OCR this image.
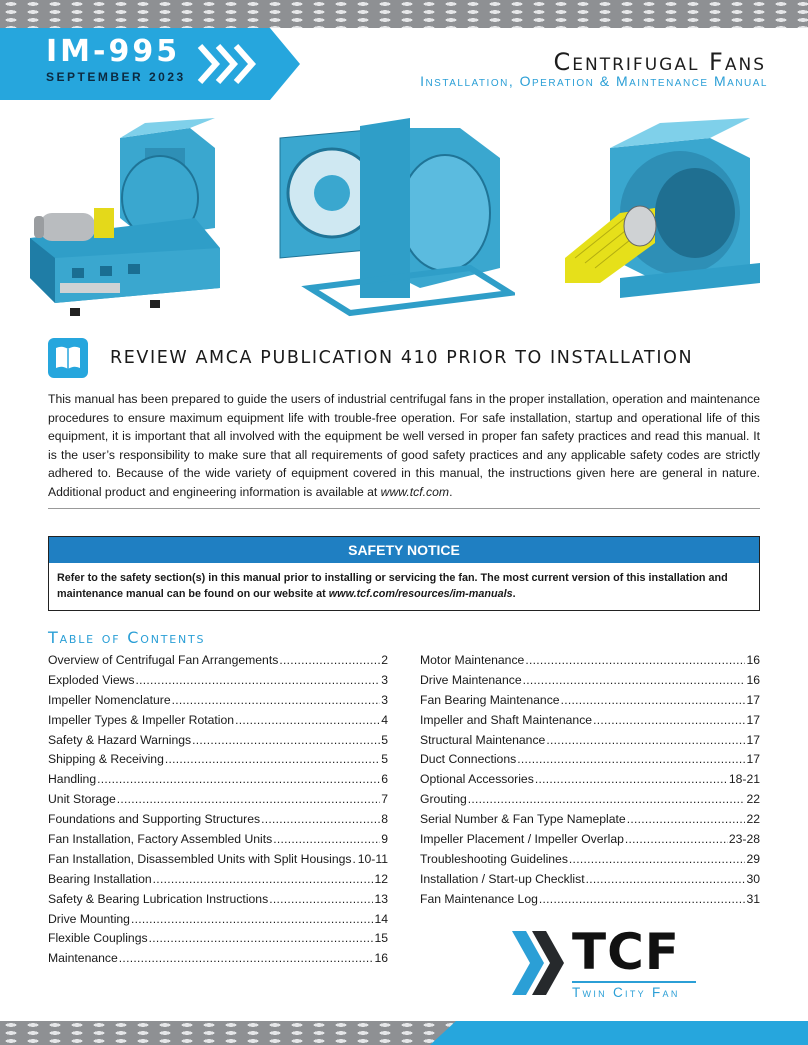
IM-995
SEPTEMBER 2023
Centrifugal Fans
Installation, Operation & Maintenance Manual
REVIEW AMCA PUBLICATION 410 PRIOR TO INSTALLATION

This manual has been prepared to guide the users of industrial centrifugal fans in the proper installation, operation and maintenance procedures to ensure maximum equipment life with trouble-free operation. For safe installation, startup and operational life of this equipment, it is important that all involved with the equipment be well versed in proper fan safety practices and read this manual. It is the user’s responsibility to make sure that all requirements of good safety practices and any applicable safety codes are strictly adhered to. Because of the wide variety of equipment covered in this manual, the instructions given here are general in nature. Additional product and engineering information is available at www.tcf.com.

SAFETY NOTICE
Refer to the safety section(s) in this manual prior to installing or servicing the fan. The most current version of this installation and maintenance manual can be found on our website at www.tcf.com/resources/im-manuals.
Table of Contents
Overview of Centrifugal Fan Arrangements .....	2
Exploded Views .....	3
Impeller Nomenclature .....	3
Impeller Types & Impeller Rotation .....	4
Safety & Hazard Warnings .....	5
Shipping & Receiving .....	5
Handling .....	6
Unit Storage .....	7
Foundations and Supporting Structures .....	8
Fan Installation, Factory Assembled Units .....	9
Fan Installation, Disassembled Units with Split Housings ..... 10-11
Bearing Installation .....	12
Safety & Bearing Lubrication Instructions .....	13
Drive Mounting .....	14
Flexible Couplings .....	15
Maintenance .....	16
Motor Maintenance .....	16
Drive Maintenance .....	16
Fan Bearing Maintenance .....	17
Impeller and Shaft Maintenance .....	17
Structural Maintenance .....	17
Duct Connections .....	17
Optional Accessories .....	18-21
Grouting .....	22
Serial Number & Fan Type Nameplate .....	22
Impeller Placement / Impeller Overlap .....	23-28
Troubleshooting Guidelines .....	29
Installation / Start-up Checklist .....	30
Fan Maintenance Log .....	31
TCF
Twin City Fan
